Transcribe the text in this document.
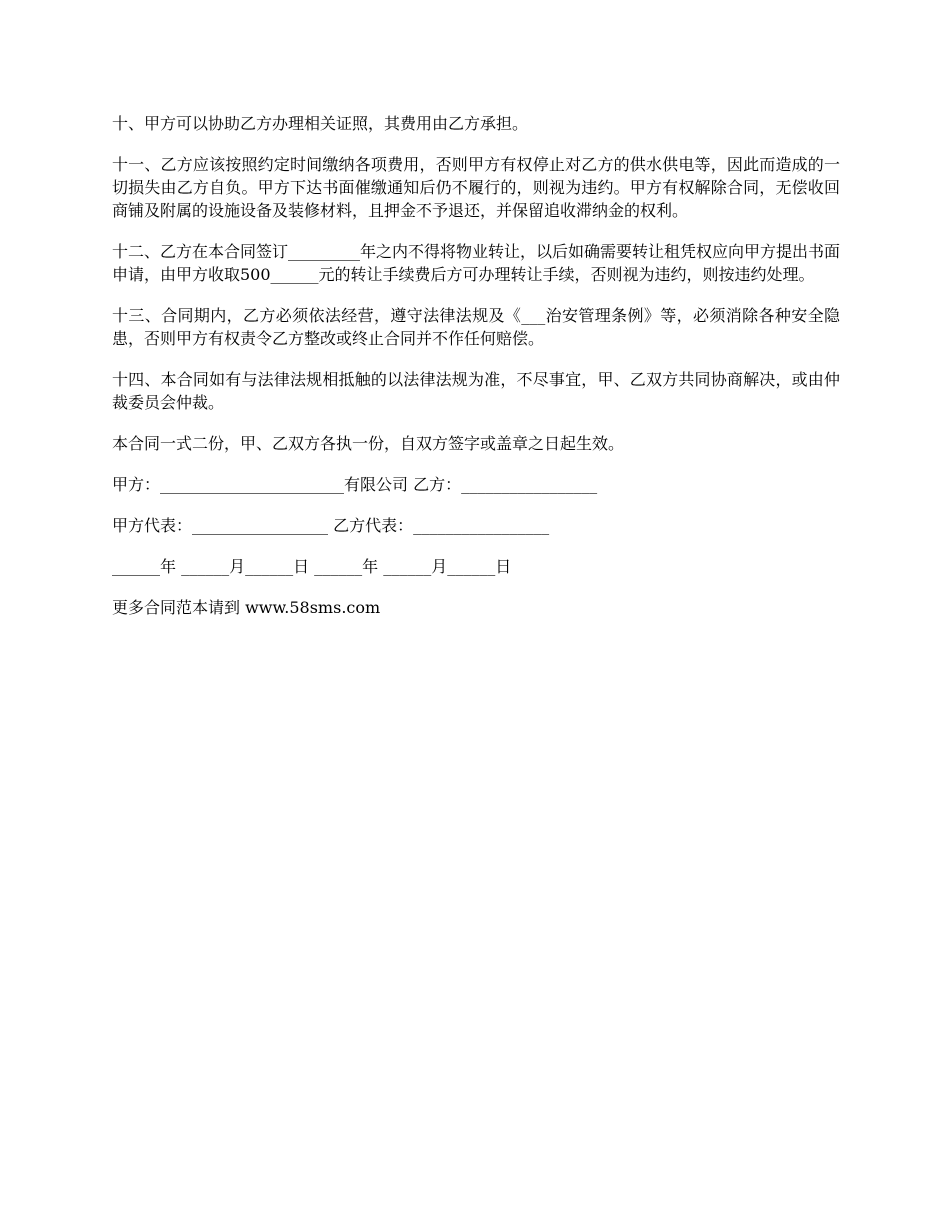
十、甲方可以协助乙方办理相关证照，其费用由乙方承担。

十一、乙方应该按照约定时间缴纳各项费用，否则甲方有权停止对乙方的供水供电等，因此而造成的一切损失由乙方自负。甲方下达书面催缴通知后仍不履行的，则视为违约。甲方有权解除合同，无偿收回商铺及附属的设施设备及装修材料，且押金不予退还，并保留追收滞纳金的权利。

十二、乙方在本合同签订_________年之内不得将物业转让，以后如确需要转让租凭权应向甲方提出书面申请，由甲方收取500______元的转让手续费后方可办理转让手续，否则视为违约，则按违约处理。

十三、合同期内，乙方必须依法经营，遵守法律法规及《___治安管理条例》等，必须消除各种安全隐患，否则甲方有权责令乙方整改或终止合同并不作任何赔偿。

十四、本合同如有与法律法规相抵触的以法律法规为准，不尽事宜，甲、乙双方共同协商解决，或由仲裁委员会仲裁。

本合同一式二份，甲、乙双方各执一份，自双方签字或盖章之日起生效。

甲方：_______________________有限公司 乙方：_________________

甲方代表：_________________ 乙方代表：_________________

______年 ______月______日 ______年 ______月______日

更多合同范本请到 www.58sms.com
